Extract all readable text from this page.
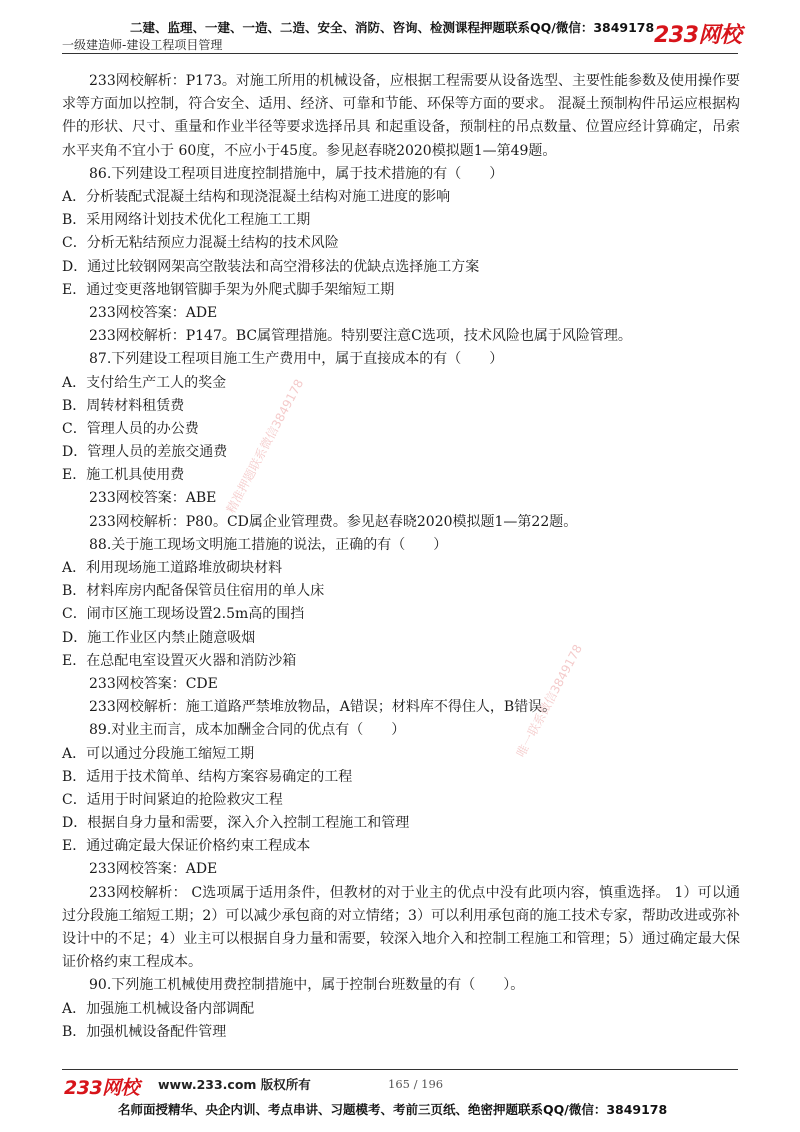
二建、监理、一建、一造、二造、安全、消防、咨询、检测课程押题联系QQ/微信：3849178 233网校
一级建造师-建设工程项目管理
233网校解析：P173。对施工所用的机械设备，应根据工程需要从设备选型、主要性能参数及使用操作要求等方面加以控制，符合安全、适用、经济、可靠和节能、环保等方面的要求。 混凝土预制构件吊运应根据构件的形状、尺寸、重量和作业半径等要求选择吊具 和起重设备，预制柱的吊点数量、位置应经计算确定，吊索水平夹角不宜小于 60度，不应小于45度。参见赵春晓2020模拟题1—第49题。
86.下列建设工程项目进度控制措施中，属于技术措施的有（　　）
A．分析装配式混凝土结构和现浇混凝土结构对施工进度的影响
B．采用网络计划技术优化工程施工工期
C．分析无粘结预应力混凝土结构的技术风险
D．通过比较钢网架高空散装法和高空滑移法的优缺点选择施工方案
E．通过变更落地钢管脚手架为外爬式脚手架缩短工期
233网校答案：ADE
233网校解析：P147。BC属管理措施。特别要注意C选项，技术风险也属于风险管理。
87.下列建设工程项目施工生产费用中，属于直接成本的有（　　）
A．支付给生产工人的奖金
B．周转材料租赁费
C．管理人员的办公费
D．管理人员的差旅交通费
E．施工机具使用费
233网校答案：ABE
233网校解析：P80。CD属企业管理费。参见赵春晓2020模拟题1—第22题。
88.关于施工现场文明施工措施的说法，正确的有（　　）
A．利用现场施工道路堆放砌块材料
B．材料库房内配备保管员住宿用的单人床
C．闹市区施工现场设置2.5m高的围挡
D．施工作业区内禁止随意吸烟
E．在总配电室设置灭火器和消防沙箱
233网校答案：CDE
233网校解析：施工道路严禁堆放物品，A错误；材料库不得住人，B错误。
89.对业主而言，成本加酬金合同的优点有（　　）
A．可以通过分段施工缩短工期
B．适用于技术简单、结构方案容易确定的工程
C．适用于时间紧迫的抢险救灾工程
D．根据自身力量和需要，深入介入控制工程施工和管理
E．通过确定最大保证价格约束工程成本
233网校答案：ADE
233网校解析： C选项属于适用条件，但教材的对于业主的优点中没有此项内容，慎重选择。 1）可以通过分段施工缩短工期；2）可以减少承包商的对立情绪；3）可以利用承包商的施工技术专家，帮助改进或弥补设计中的不足；4）业主可以根据自身力量和需要，较深入地介入和控制工程施工和管理；5）通过确定最大保证价格约束工程成本。
90.下列施工机械使用费控制措施中，属于控制台班数量的有（　　）。
A．加强施工机械设备内部调配
B．加强机械设备配件管理
精准押题联系微信3849178
唯一联系微信3849178
233网校 www.233.com 版权所有	165 / 196
名师面授精华、央企内训、考点串讲、习题模考、考前三页纸、绝密押题联系QQ/微信：3849178
